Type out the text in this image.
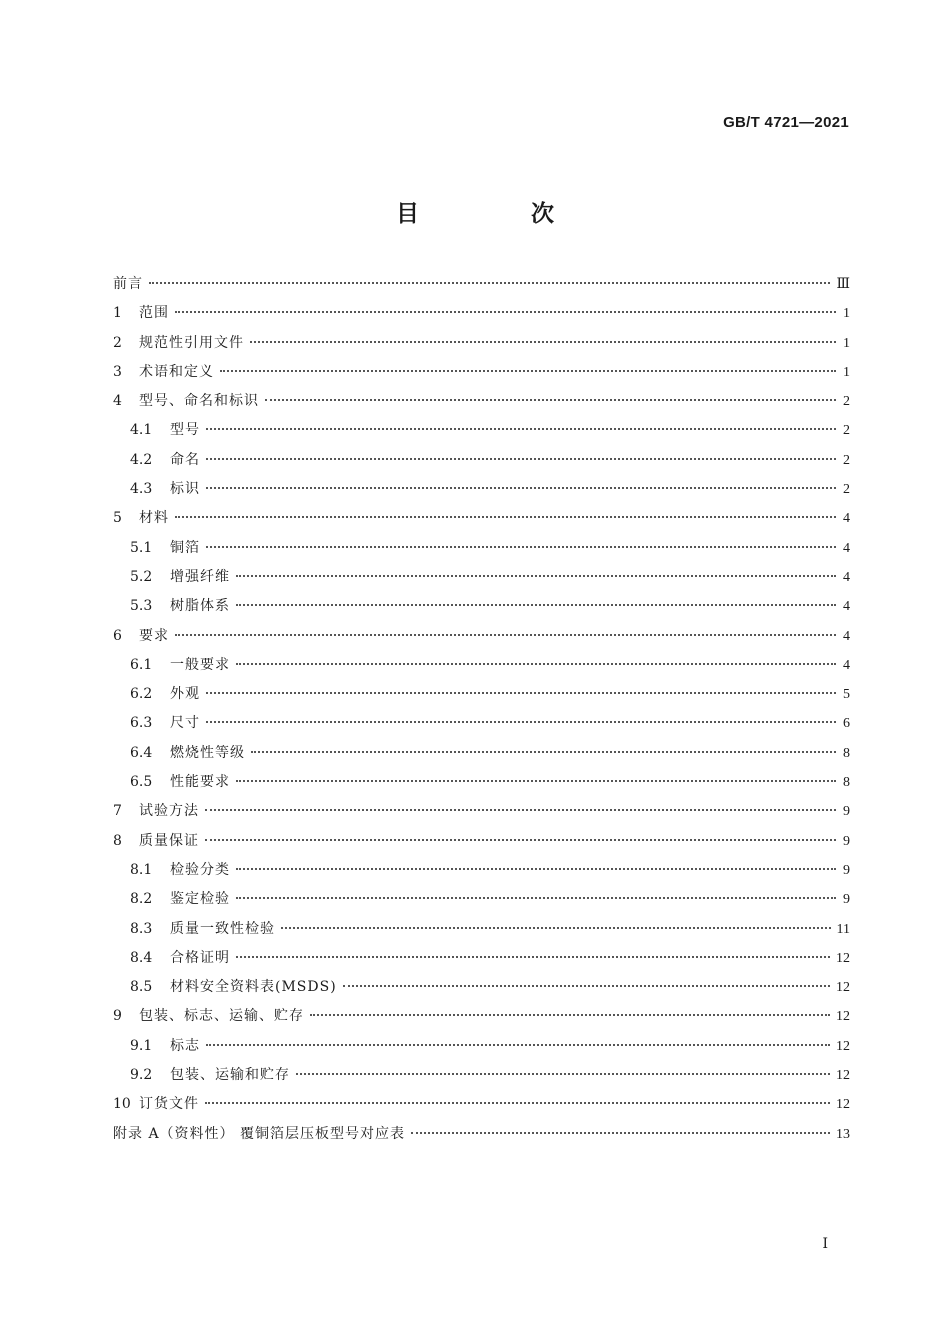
GB/T 4721—2021
目 次
前言	Ⅲ
1	范围	1
2	规范性引用文件	1
3	术语和定义	1
4	型号、命名和标识	2
4.1	型号	2
4.2	命名	2
4.3	标识	2
5	材料	4
5.1	铜箔	4
5.2	增强纤维	4
5.3	树脂体系	4
6	要求	4
6.1	一般要求	4
6.2	外观	5
6.3	尺寸	6
6.4	燃烧性等级	8
6.5	性能要求	8
7	试验方法	9
8	质量保证	9
8.1	检验分类	9
8.2	鉴定检验	9
8.3	质量一致性检验	11
8.4	合格证明	12
8.5	材料安全资料表(MSDS)	12
9	包装、标志、运输、贮存	12
9.1	标志	12
9.2	包装、运输和贮存	12
10 订货文件	12
附录 A（资料性） 覆铜箔层压板型号对应表	13
Ⅰ
